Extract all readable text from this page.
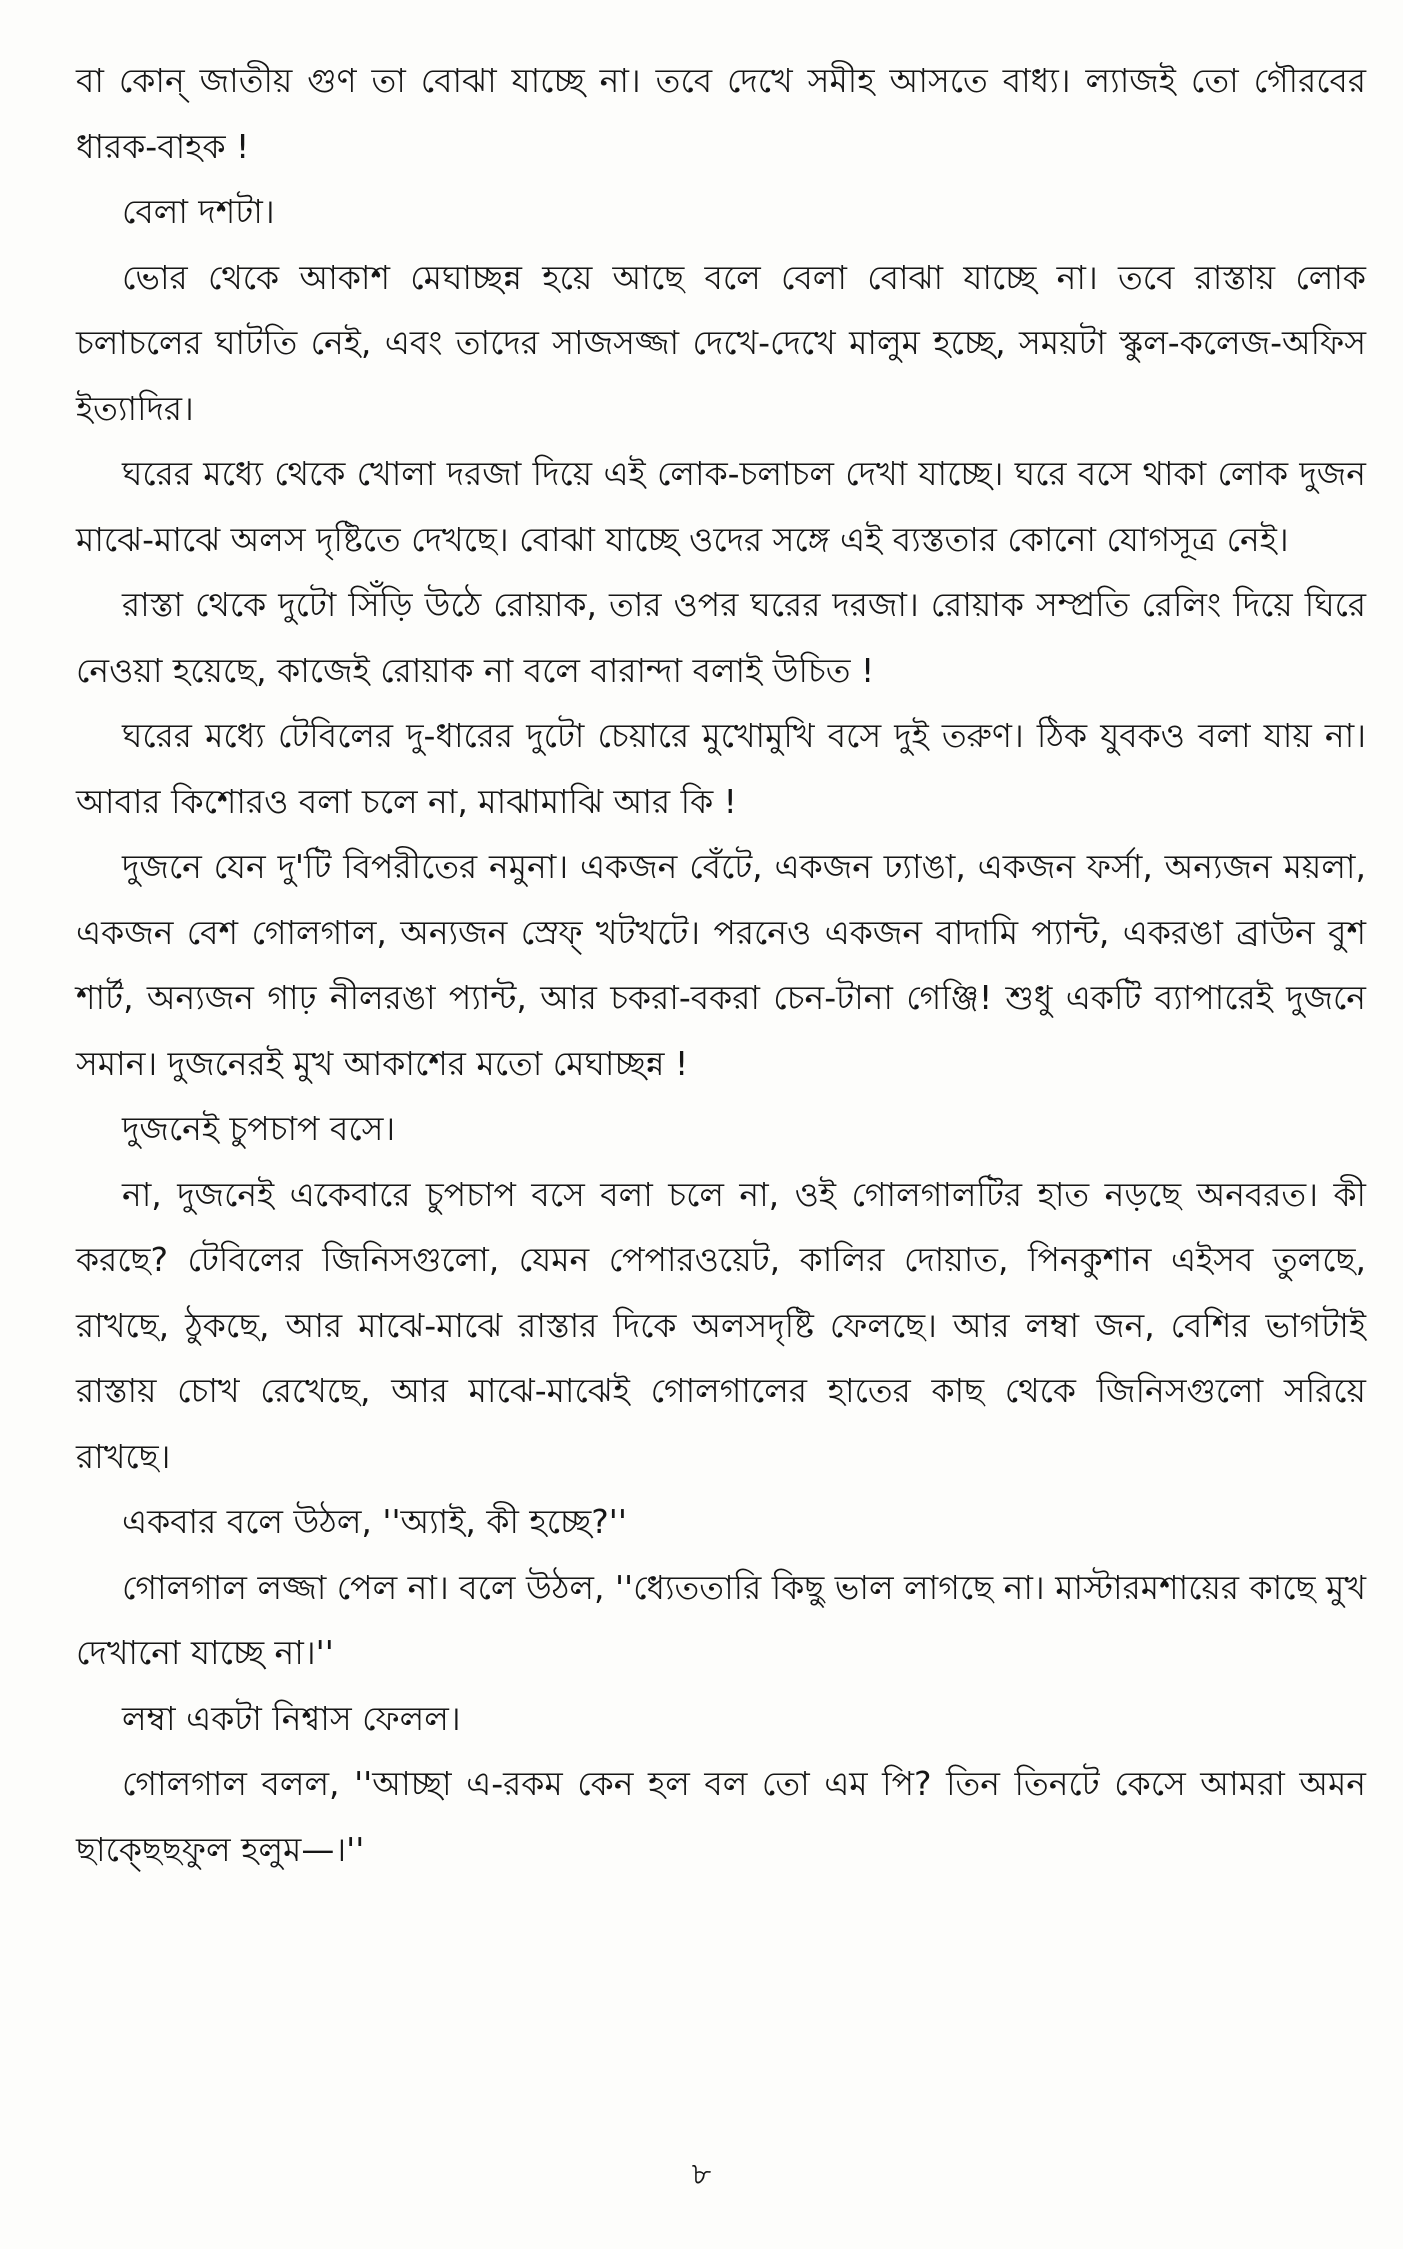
বা কোন্ জাতীয় গুণ তা বোঝা যাচ্ছে না। তবে দেখে সমীহ আসতে বাধ্য। ল্যাজই তো গৌরবের ধারক-বাহক !

বেলা দশটা।

ভোর থেকে আকাশ মেঘাচ্ছন্ন হয়ে আছে বলে বেলা বোঝা যাচ্ছে না। তবে রাস্তায় লোক চলাচলের ঘাটতি নেই, এবং তাদের সাজসজ্জা দেখে-দেখে মালুম হচ্ছে, সময়টা স্কুল-কলেজ-অফিস ইত্যাদির।

ঘরের মধ্যে থেকে খোলা দরজা দিয়ে এই লোক-চলাচল দেখা যাচ্ছে। ঘরে বসে থাকা লোক দুজন মাঝে-মাঝে অলস দৃষ্টিতে দেখছে। বোঝা যাচ্ছে ওদের সঙ্গে এই ব্যস্ততার কোনো যোগসূত্র নেই।

রাস্তা থেকে দুটো সিঁড়ি উঠে রোয়াক, তার ওপর ঘরের দরজা। রোয়াক সম্প্রতি রেলিং দিয়ে ঘিরে নেওয়া হয়েছে, কাজেই রোয়াক না বলে বারান্দা বলাই উচিত !

ঘরের মধ্যে টেবিলের দু-ধারের দুটো চেয়ারে মুখোমুখি বসে দুই তরুণ। ঠিক যুবকও বলা যায় না। আবার কিশোরও বলা চলে না, মাঝামাঝি আর কি !

দুজনে যেন দু'টি বিপরীতের নমুনা। একজন বেঁটে, একজন ঢ্যাঙা, একজন ফর্সা, অন্যজন ময়লা, একজন বেশ গোলগাল, অন্যজন স্রেফ্ খটখটে। পরনেও একজন বাদামি প্যান্ট, একরঙা ব্রাউন বুশ শার্ট, অন্যজন গাঢ় নীলরঙা প্যান্ট, আর চকরা-বকরা চেন-টানা গেঞ্জি! শুধু একটি ব্যাপারেই দুজনে সমান। দুজনেরই মুখ আকাশের মতো মেঘাচ্ছন্ন !

দুজনেই চুপচাপ বসে।

না, দুজনেই একেবারে চুপচাপ বসে বলা চলে না, ওই গোলগালটির হাত নড়ছে অনবরত। কী করছে? টেবিলের জিনিসগুলো, যেমন পেপারওয়েট, কালির দোয়াত, পিনকুশান এইসব তুলছে, রাখছে, ঠুকছে, আর মাঝে-মাঝে রাস্তার দিকে অলসদৃষ্টি ফেলছে। আর লম্বা জন, বেশির ভাগটাই রাস্তায় চোখ রেখেছে, আর মাঝে-মাঝেই গোলগালের হাতের কাছ থেকে জিনিসগুলো সরিয়ে রাখছে।

একবার বলে উঠল, ''অ্যাই, কী হচ্ছে?''

গোলগাল লজ্জা পেল না। বলে উঠল, ''ধ্যেততারি কিছু ভাল লাগছে না। মাস্টারমশায়ের কাছে মুখ দেখানো যাচ্ছে না।''

লম্বা একটা নিশ্বাস ফেলল।

গোলগাল বলল, ''আচ্ছা এ-রকম কেন হল বল তো এম পি? তিন তিনটে কেসে আমরা অমন ছাক্ছেছফুল হলুম—।''

৮
